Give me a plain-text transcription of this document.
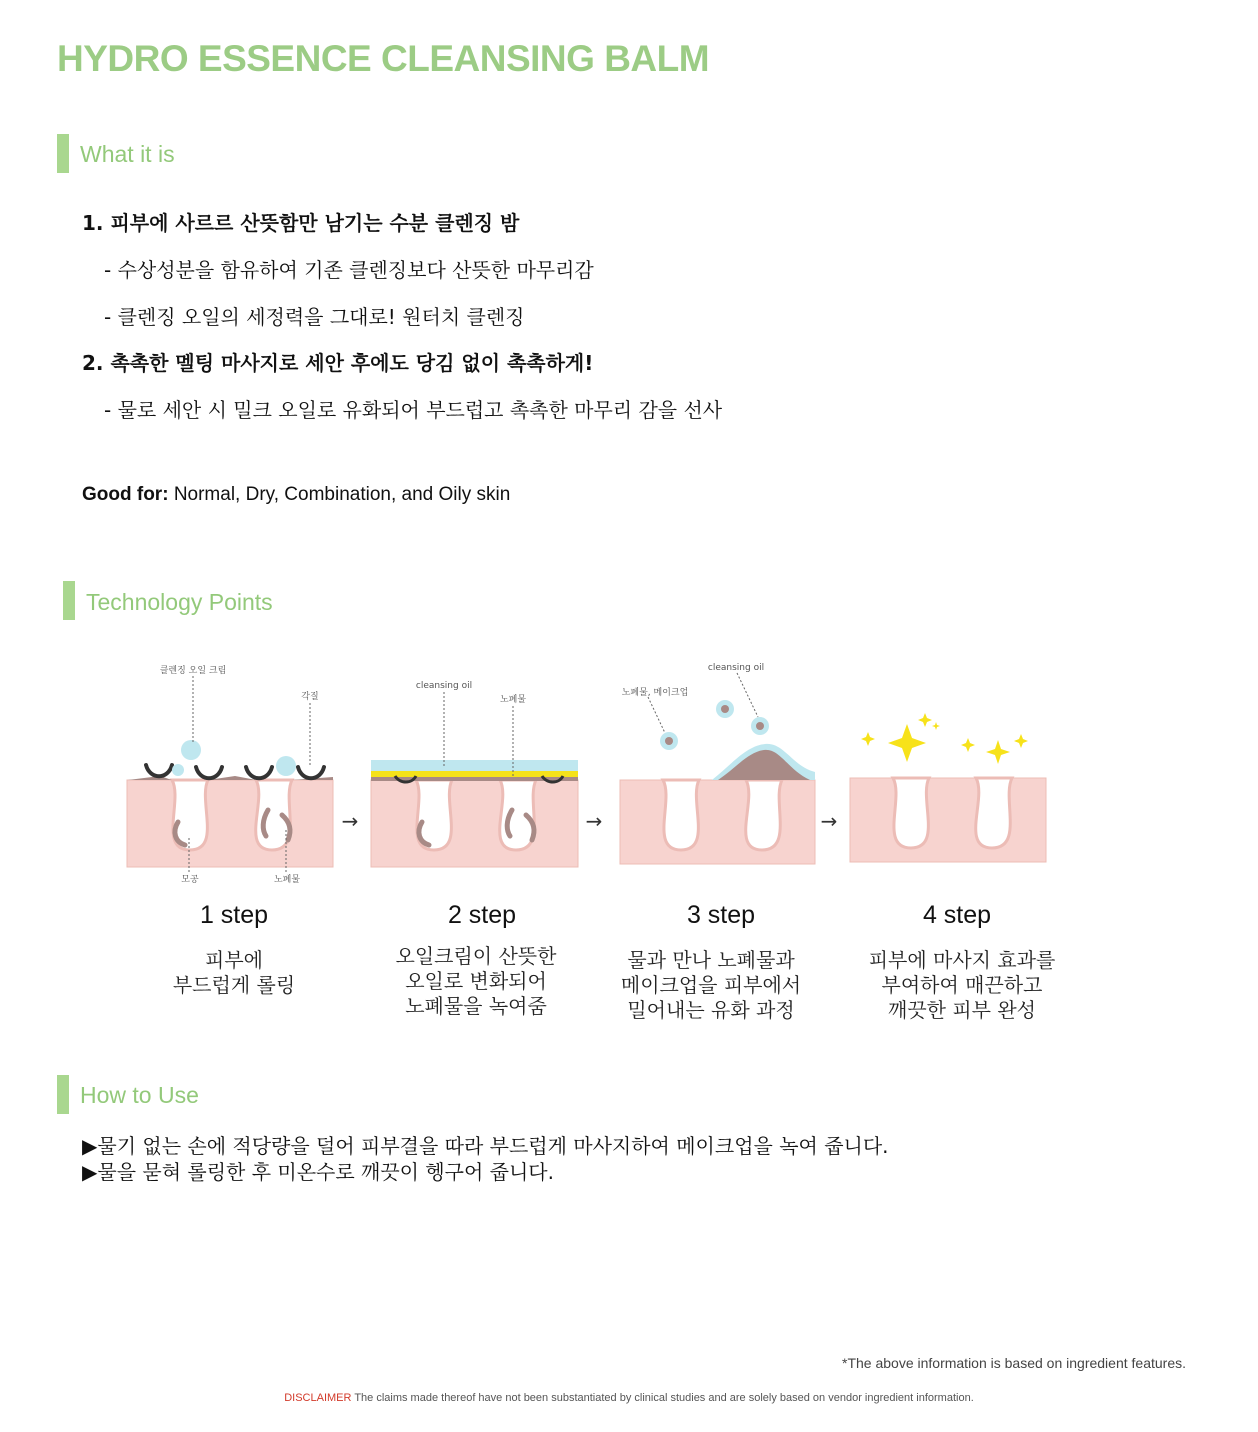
HYDRO ESSENCE CLEANSING BALM
What it is
1. 피부에 사르르 산뜻함만 남기는 수분 클렌징 밤
- 수상성분을 함유하여 기존 클렌징보다 산뜻한 마무리감
- 클렌징 오일의 세정력을 그대로! 원터치 클렌징
2. 촉촉한 멜팅 마사지로 세안 후에도 당김 없이 촉촉하게!
- 물로 세안 시 밀크 오일로 유화되어 부드럽고 촉촉한 마무리 감을 선사
Good for: Normal, Dry, Combination, and Oily skin
Technology Points
클렌징 오일 크림
각질
모공	노폐물
→
cleansing oil
노폐물
→
노폐물, 메이크업
cleansing oil
→
1 step
피부에
부드럽게 롤링
2 step
오일크림이 산뜻한
오일로 변화되어
노폐물을 녹여줌
3 step
물과 만나 노폐물과
메이크업을 피부에서
밀어내는 유화 과정
4 step
피부에 마사지 효과를
부여하여 매끈하고
깨끗한 피부 완성
How to Use
▶물기 없는 손에 적당량을 덜어 피부결을 따라 부드럽게 마사지하여 메이크업을 녹여 줍니다.
▶물을 묻혀 롤링한 후 미온수로 깨끗이 헹구어 줍니다.
*The above information is based on ingredient features.
DISCLAIMER The claims made thereof have not been substantiated by clinical studies and are solely based on vendor ingredient information.
